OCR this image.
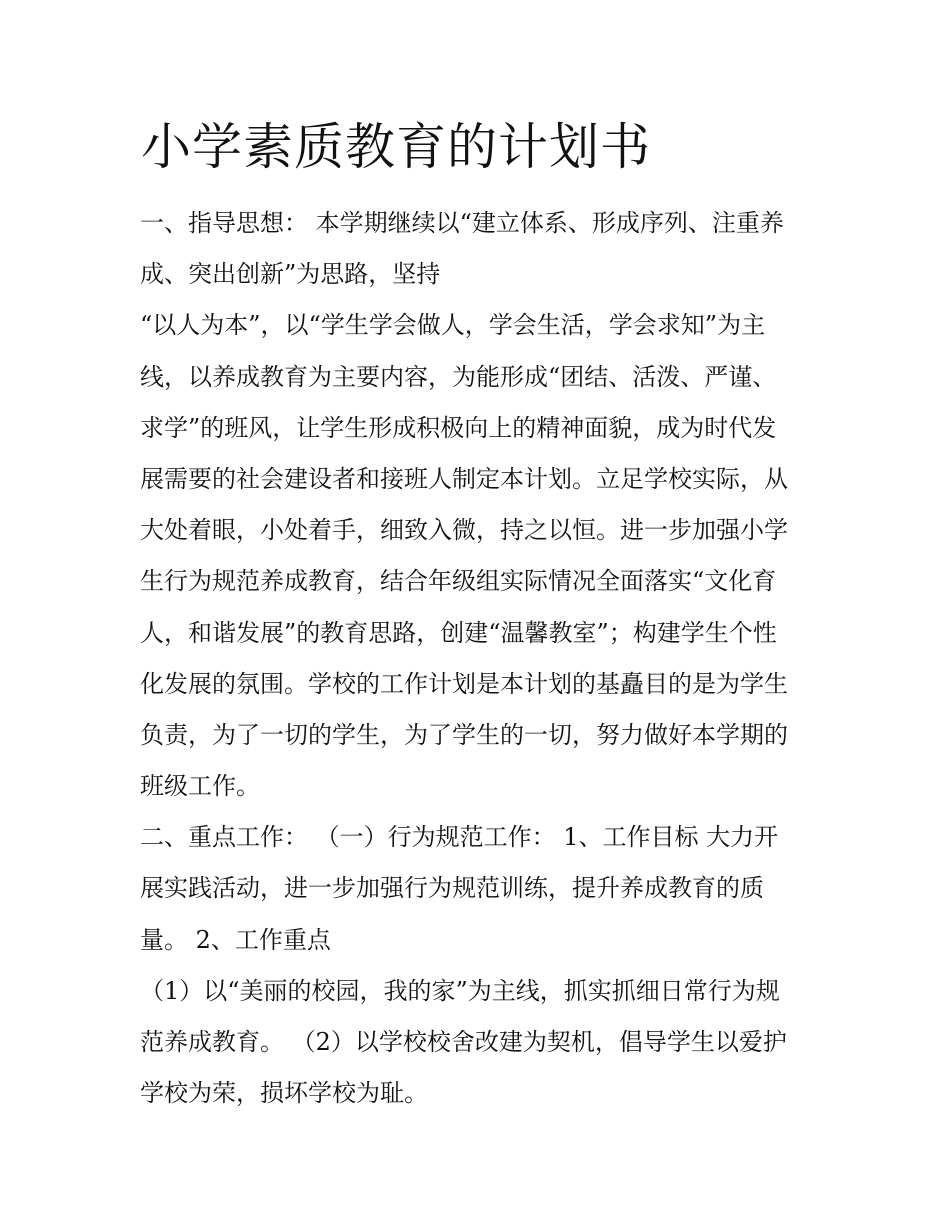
小学素质教育的计划书
一、指导思想： 本学期继续以“建立体系、形成序列、注重养
成、突出创新”为思路，坚持
“以人为本”，以“学生学会做人，学会生活，学会求知”为主
线，以养成教育为主要内容，为能形成“团结、活泼、严谨、
求学”的班风，让学生形成积极向上的精神面貌，成为时代发
展需要的社会建设者和接班人制定本计划。立足学校实际，从
大处着眼，小处着手，细致入微，持之以恒。进一步加强小学
生行为规范养成教育，结合年级组实际情况全面落实“文化育
人，和谐发展”的教育思路，创建“温馨教室”；构建学生个性
化发展的氛围。学校的工作计划是本计划的基矗目的是为学生
负责，为了一切的学生，为了学生的一切，努力做好本学期的
班级工作。
二、重点工作： （一）行为规范工作： 1、工作目标 大力开
展实践活动，进一步加强行为规范训练，提升养成教育的质
量。 2、工作重点
（1）以“美丽的校园，我的家”为主线，抓实抓细日常行为规
范养成教育。 （2）以学校校舍改建为契机，倡导学生以爱护
学校为荣，损坏学校为耻。
